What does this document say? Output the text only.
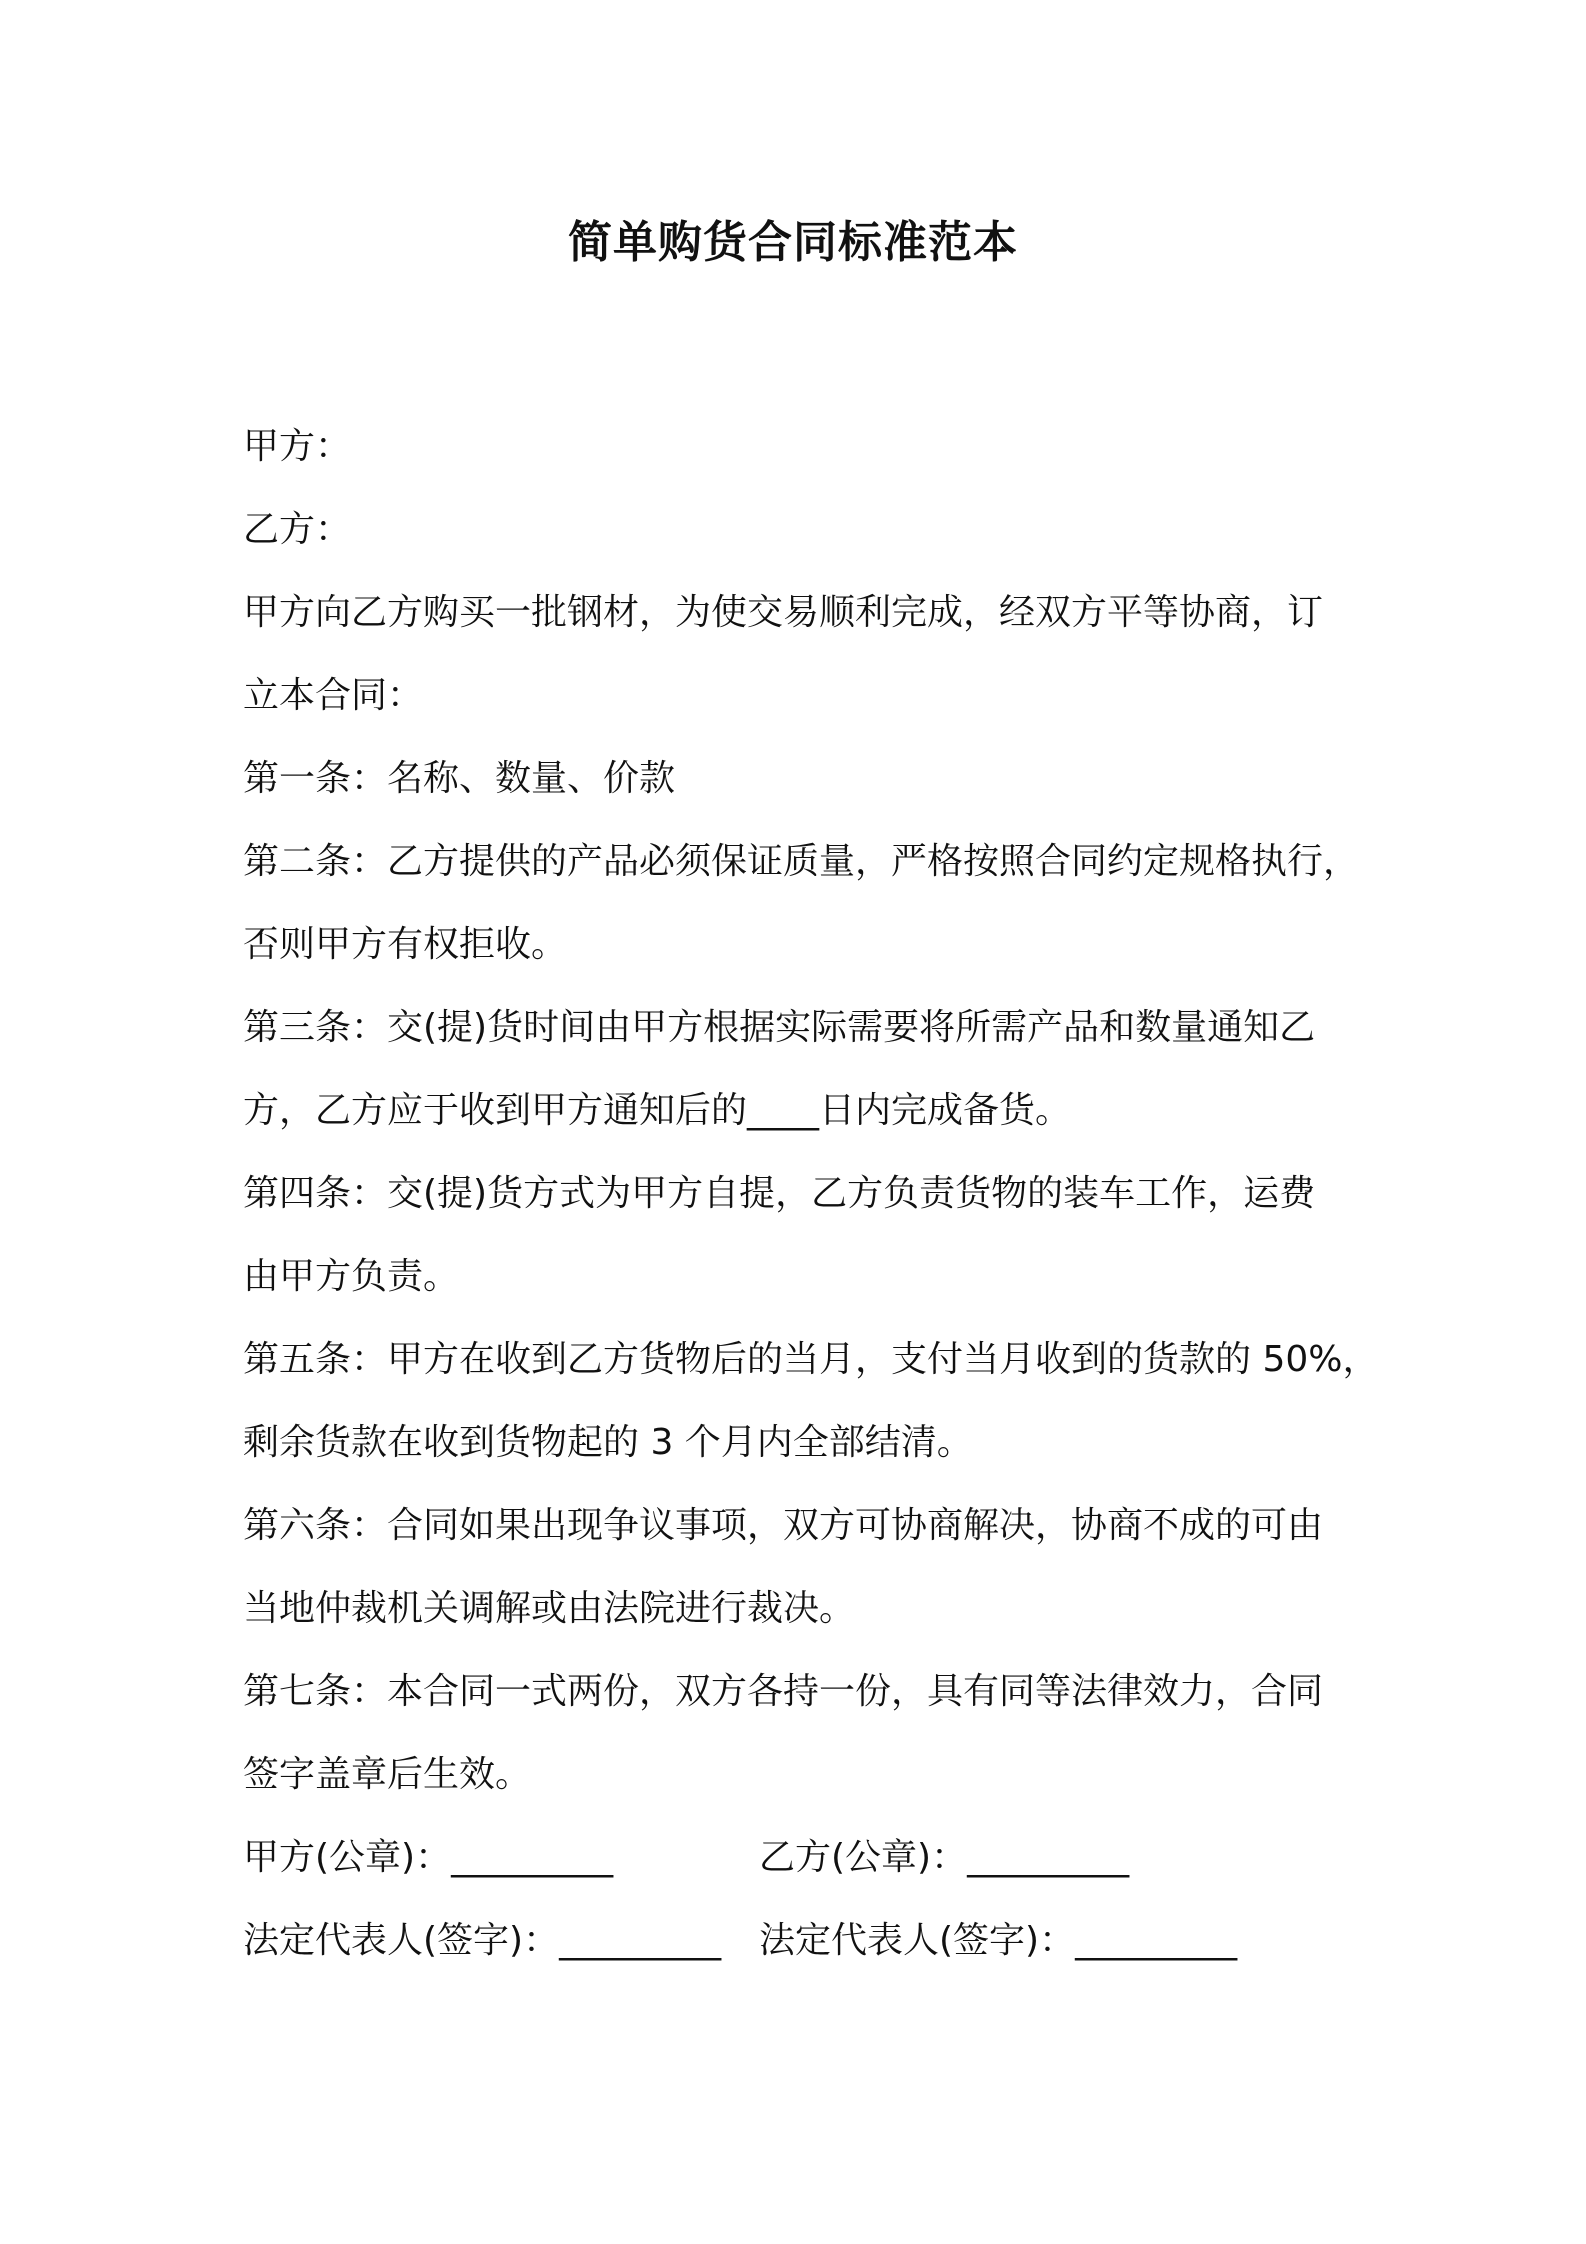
简单购货合同标准范本

甲方：

乙方：

甲方向乙方购买一批钢材，为使交易顺利完成，经双方平等协商，订

立本合同：

第一条：名称、数量、价款

第二条：乙方提供的产品必须保证质量，严格按照合同约定规格执行，

否则甲方有权拒收。

第三条：交(提)货时间由甲方根据实际需要将所需产品和数量通知乙

方，乙方应于收到甲方通知后的____日内完成备货。

第四条：交(提)货方式为甲方自提，乙方负责货物的装车工作，运费

由甲方负责。

第五条：甲方在收到乙方货物后的当月，支付当月收到的货款的 50%，

剩余货款在收到货物起的 3 个月内全部结清。

第六条：合同如果出现争议事项，双方可协商解决，协商不成的可由

当地仲裁机关调解或由法院进行裁决。

第七条：本合同一式两份，双方各持一份，具有同等法律效力，合同

签字盖章后生效。

甲方(公章)：_________	乙方(公章)：_________
法定代表人(签字)：_________ 法定代表人(签字)：_________
